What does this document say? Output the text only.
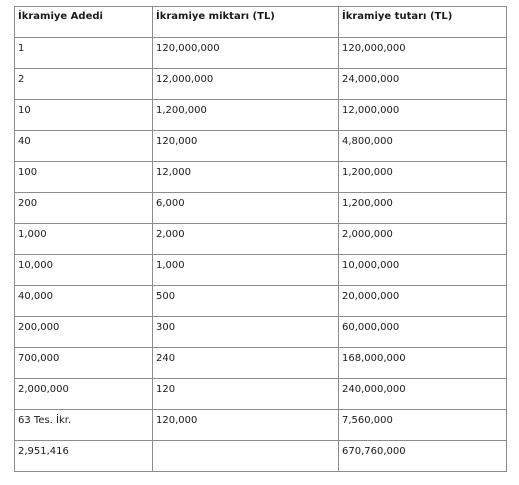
İkramiye Adedi	İkramiye miktarı (TL)	İkramiye tutarı (TL)
1	120,000,000	120,000,000
2	12,000,000	24,000,000
10	1,200,000	12,000,000
40	120,000	4,800,000
100	12,000	1,200,000
200	6,000	1,200,000
1,000	2,000	2,000,000
10,000	1,000	10,000,000
40,000	500	20,000,000
200,000	300	60,000,000
700,000	240	168,000,000
2,000,000	120	240,000,000
63 Tes. İkr.	120,000	7,560,000
2,951,416		670,760,000
